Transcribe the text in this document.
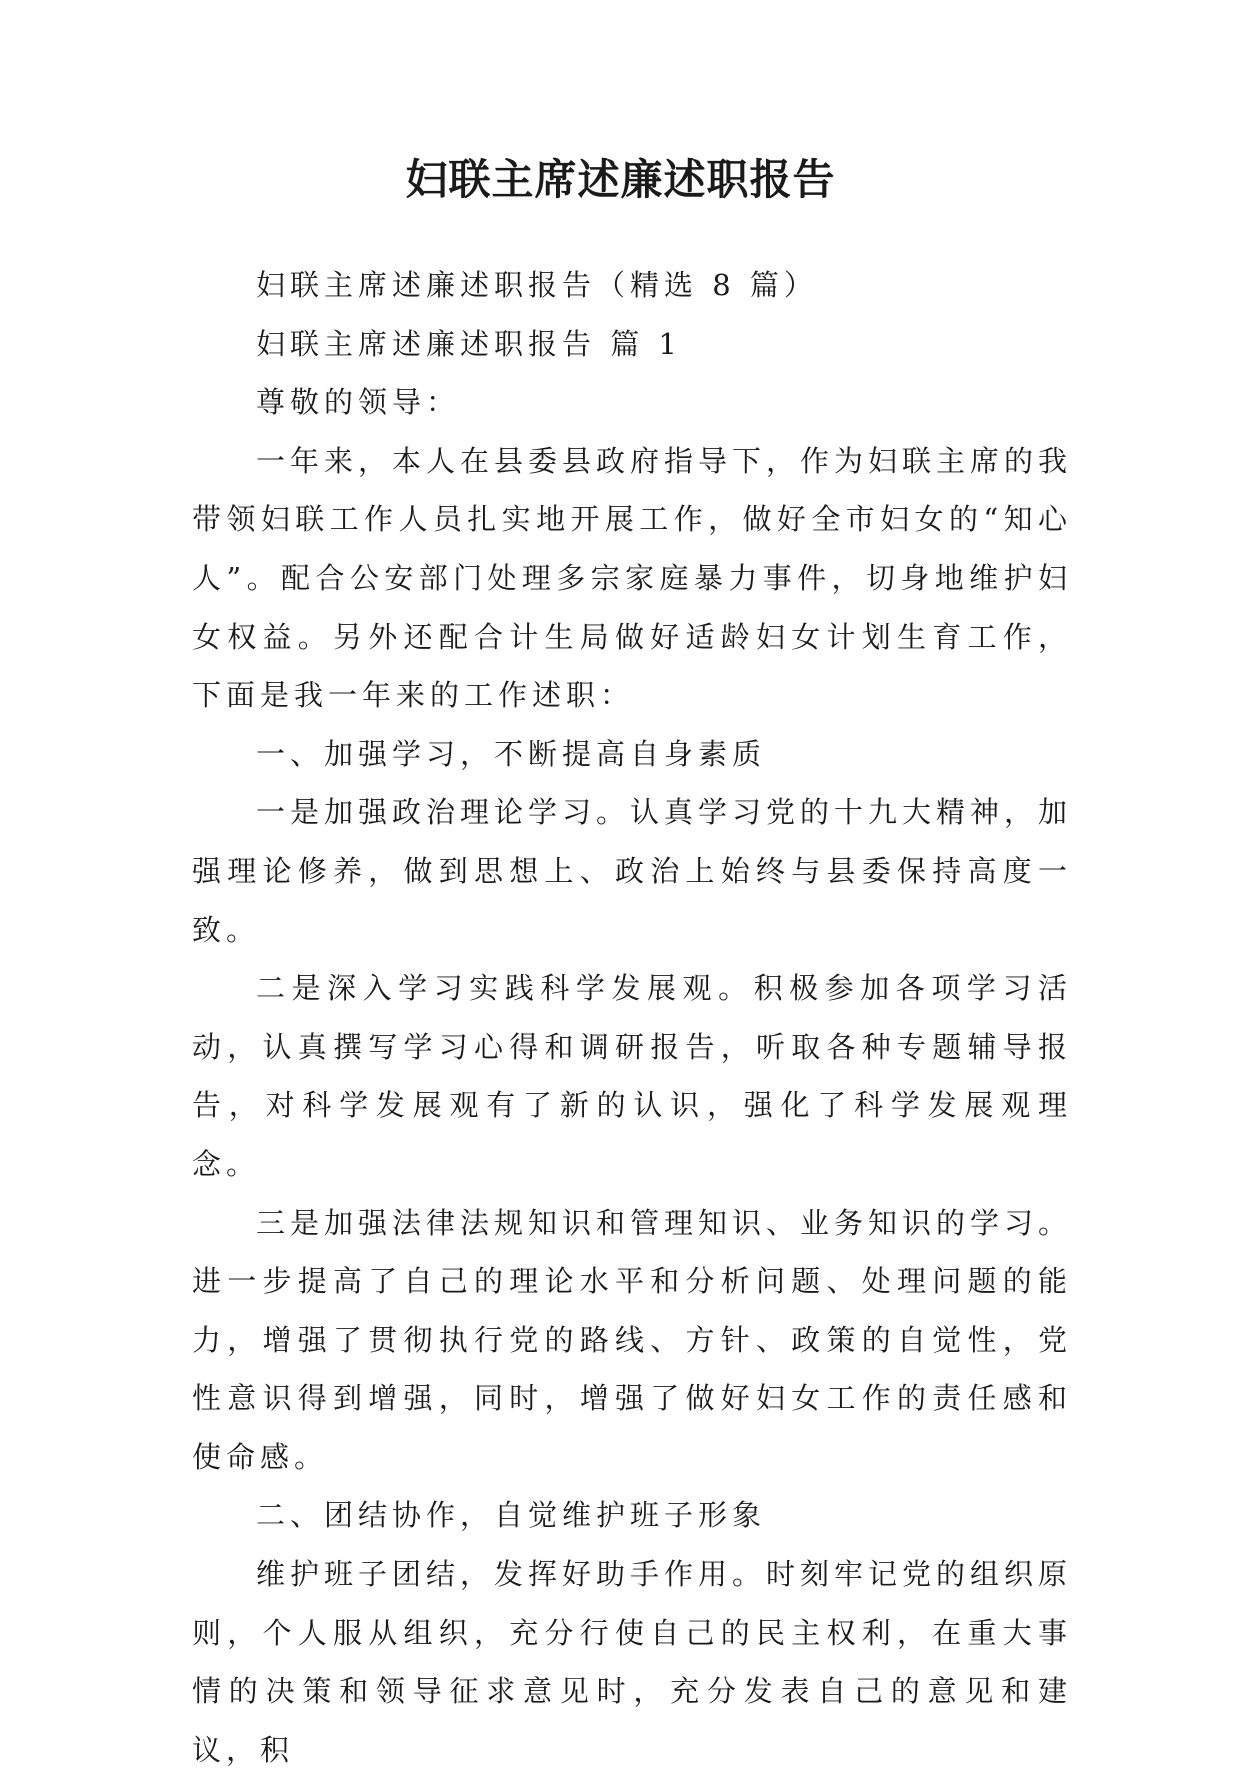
妇联主席述廉述职报告

妇联主席述廉述职报告（精选 8 篇）

妇联主席述廉述职报告 篇 1

尊敬的领导：

一年来，本人在县委县政府指导下，作为妇联主席的我带领妇联工作人员扎实地开展工作，做好全市妇女的“知心人”。配合公安部门处理多宗家庭暴力事件，切身地维护妇女权益。另外还配合计生局做好适龄妇女计划生育工作，下面是我一年来的工作述职：

一、加强学习，不断提高自身素质

一是加强政治理论学习。认真学习党的十九大精神，加强理论修养，做到思想上、政治上始终与县委保持高度一致。

二是深入学习实践科学发展观。积极参加各项学习活动，认真撰写学习心得和调研报告，听取各种专题辅导报告，对科学发展观有了新的认识，强化了科学发展观理念。

三是加强法律法规知识和管理知识、业务知识的学习。进一步提高了自己的理论水平和分析问题、处理问题的能力，增强了贯彻执行党的路线、方针、政策的自觉性，党性意识得到增强，同时，增强了做好妇女工作的责任感和使命感。

二、团结协作，自觉维护班子形象

维护班子团结，发挥好助手作用。时刻牢记党的组织原则，个人服从组织，充分行使自己的民主权利，在重大事情的决策和领导征求意见时，充分发表自己的意见和建议，积
